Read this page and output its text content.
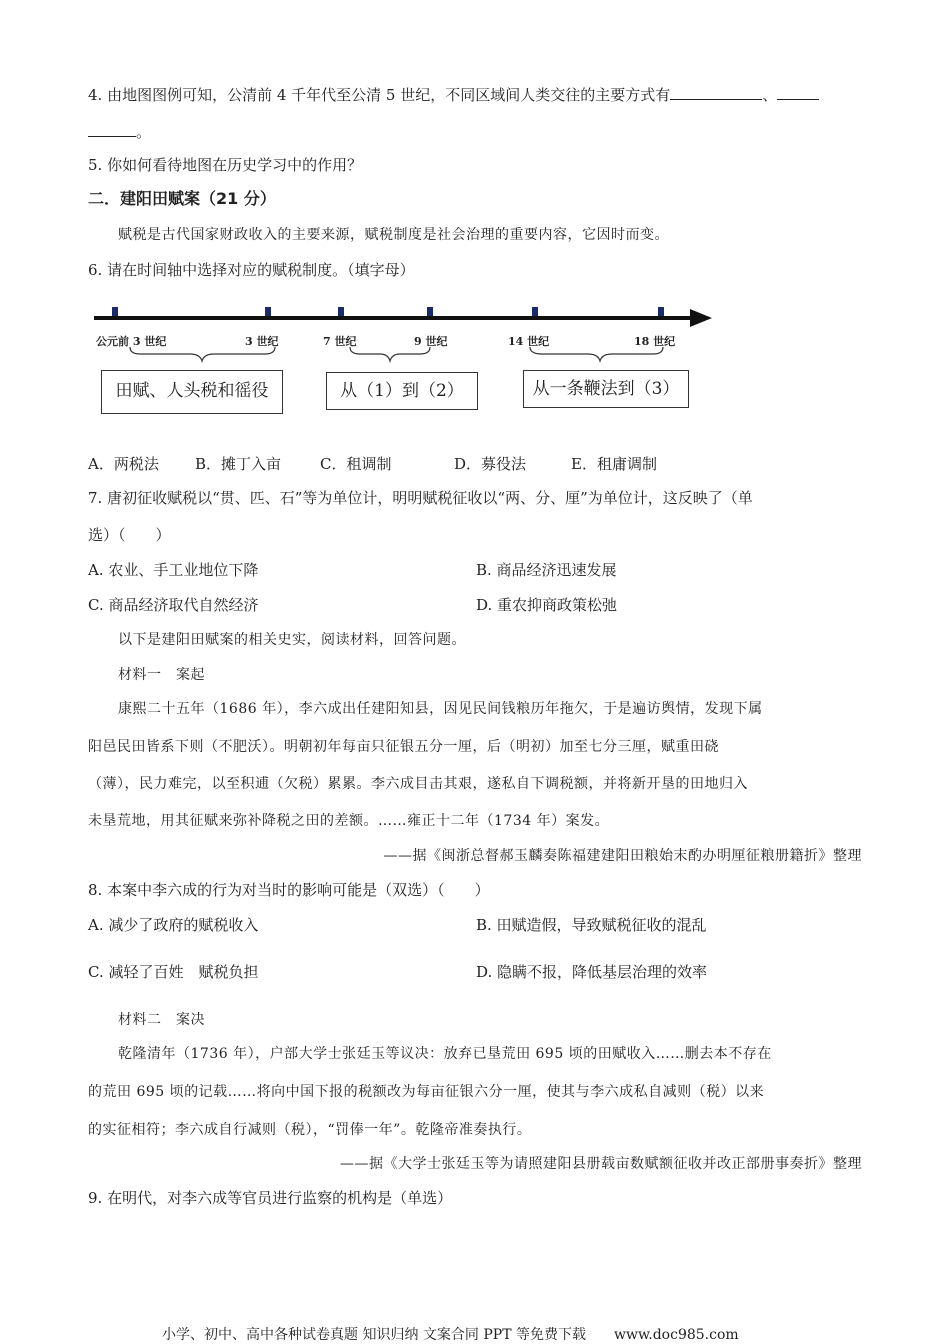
4. 由地图图例可知，公清前 4 千年代至公清 5 世纪，不同区域间人类交往的主要方式有	、
。
5. 你如何看待地图在历史学习中的作用？
二．建阳田赋案（21 分）
赋税是古代国家财政收入的主要来源，赋税制度是社会治理的重要内容，它因时而变。
6. 请在时间轴中选择对应的赋税制度。（填字母）
公元前 3 世纪	3 世纪	7 世纪	9 世纪	14 世纪	18 世纪
田赋、人头税和徭役	从（1）到（2）	从一条鞭法到（3）
A．两税法 B．摊丁入亩	C．租调制	D．募役法	E．租庸调制
7. 唐初征收赋税以“贯、匹、石”等为单位计，明明赋税征收以“两、分、厘”为单位计，这反映了（单
选）（　　）
A. 农业、手工业地位下降	B. 商品经济迅速发展
C. 商品经济取代自然经济	D. 重农抑商政策松弛
以下是建阳田赋案的相关史实，阅读材料，回答问题。
材料一　案起
康熙二十五年（1686 年），李六成出任建阳知县，因见民间钱粮历年拖欠，于是遍访舆情，发现下属
阳邑民田皆系下则（不肥沃）。明朝初年每亩只征银五分一厘，后（明初）加至七分三厘，赋重田硗
（薄），民力难完，以至积逋（欠税）累累。李六成目击其艰，遂私自下调税额，并将新开垦的田地归入
未垦荒地，用其征赋来弥补降税之田的差额。……雍正十二年（1734 年）案发。
——据《闽浙总督郝玉麟奏陈福建建阳田粮始末酌办明厘征粮册籍折》整理
8. 本案中李六成的行为对当时的影响可能是（双选）（　　）
A. 减少了政府的赋税收入	B. 田赋造假，导致赋税征收的混乱
C. 减轻了百姓　赋税负担	D. 隐瞒不报，降低基层治理的效率
材料二　案决
乾隆清年（1736 年），户部大学士张廷玉等议决：放弃已垦荒田 695 顷的田赋收入……删去本不存在
的荒田 695 顷的记载……将向中国下报的税额改为每亩征银六分一厘，使其与李六成私自减则（税）以来
的实征相符；李六成自行减则（税），“罚俸一年”。乾隆帝准奏执行。
——据《大学士张廷玉等为请照建阳县册载亩数赋额征收并改正部册事奏折》整理
9. 在明代，对李六成等官员进行监察的机构是（单选）
小学、初中、高中各种试卷真题 知识归纳 文案合同 PPT 等免费下载　　www.doc985.com
